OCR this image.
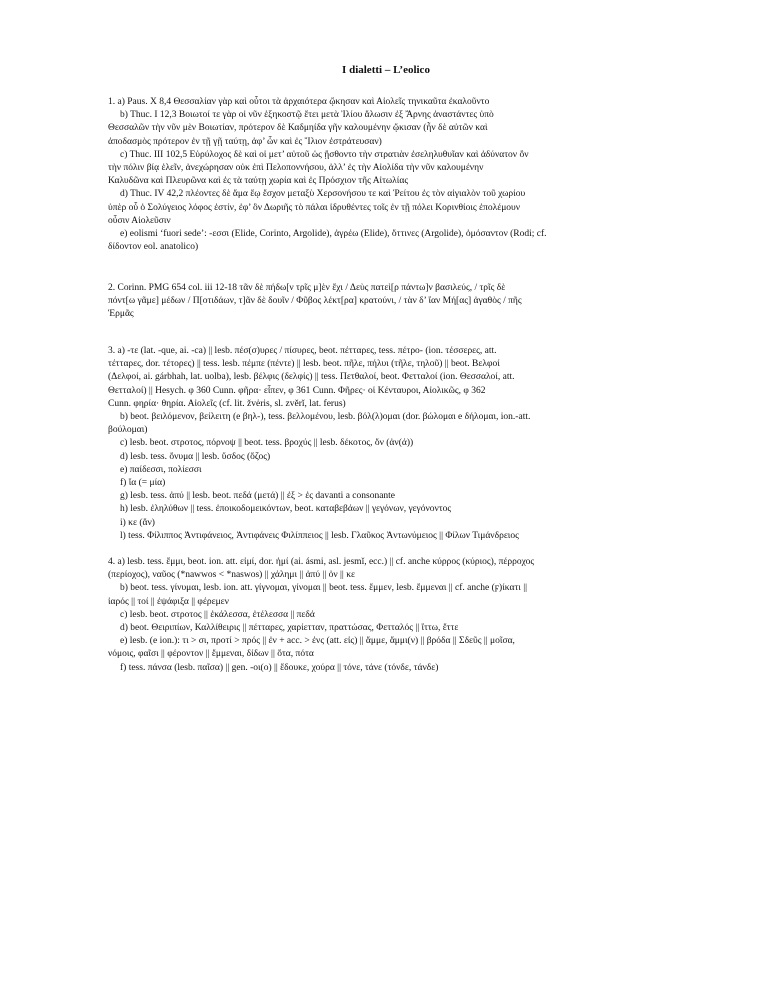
I dialetti – L’eolico
1. a) Paus. X 8,4 Θεσσαλίαν γὰρ καὶ οὗτοι τὰ ἀρχαιότερα ᾤκησαν καὶ Αἰολεῖς τηνικαῦτα ἐκαλοῦντο
b) Thuc. I 12,3 Βοιωτοί τε γὰρ οἱ νῦν ἑξηκοστῷ ἔτει μετὰ Ἰλίου ἅλωσιν ἐξ Ἄρνης ἀναστάντες ὑπὸ
Θεσσαλῶν τὴν νῦν μὲν Βοιωτίαν, πρότερον δὲ Καδμηίδα γῆν καλουμένην ᾤκισαν (ἦν δὲ αὐτῶν καὶ
ἀποδασμὸς πρότερον ἐν τῇ γῇ ταύτῃ, ἀφ’ ὧν καὶ ἐς Ἴλιον ἐστράτευσαν)
c) Thuc. III 102,5 Εὐρύλοχος δὲ καὶ οἱ μετ’ αὐτοῦ ὡς ᾔσθοντο τὴν στρατιὰν ἐσεληλυθυῖαν καὶ ἀδύνατον ὂν
τὴν πόλιν βίᾳ ἑλεῖν, ἀνεχώρησαν οὐκ ἐπὶ Πελοποννήσου, ἀλλ’ ἐς τὴν Αἰολίδα τὴν νῦν καλουμένην
Καλυδῶνα καὶ Πλευρῶνα καὶ ἐς τὰ ταύτῃ χωρία καὶ ἐς Πρόσχιον τῆς Αἰτωλίας
d) Thuc. IV 42,2 πλέοντες δὲ ἅμα ἕῳ ἔσχον μεταξὺ Χερσονήσου τε καὶ Ῥείτου ἐς τὸν αἰγιαλὸν τοῦ χωρίου
ὑπὲρ οὗ ὁ Σολύγειος λόφος ἐστίν, ἐφ’ ὃν Δωριῆς τὸ πάλαι ἱδρυθέντες τοῖς ἐν τῇ πόλει Κορινθίοις ἐπολέμουν
οὖσιν Αἰολεῦσιν
e) eolismi ‘fuori sede’: -εσσι (Elide, Corinto, Argolide), ἀγρέω (Elide), ὅττινες (Argolide), ὀμόσαντον (Rodi; cf.
δίδοντον eol. anatolico)
2. Corinn. PMG 654 col. iii 12-18 τᾶν δὲ πήδω[ν τρῖς μ]ὲν ἔχι / Δεὺς πατεὶ[ρ πάντω]ν βασιλεύς, / τρῖς δὲ
πόντ[ω γᾶμε] μέδων / Π[οτιδάων, τ]ᾶν δὲ δουῖν / Φῦβος λέκτ[ρα] κρατούνι, / τὰν δ’ ἴαν Μή[ας] ἀγαθὸς / πῆς
Ἑρμᾶς
3. a) -τε (lat. -que, ai. -ca) || lesb. πέσ(σ)υρες / πίσυρες, beot. πέτταρες, tess. πέτρο- (ion. τέσσερες, att.
τέτταρες, dor. τέτορες) || tess. lesb. πέμπε (πέντε) || lesb. beot. πῆλε, πήλυι (τῆλε, τηλοῦ) || beot. Βελφοί
(Δελφοί, ai. gárbhah, lat. uolba), lesb. βέλφις (δελφίς) || tess. Πετθαλοί, beot. Φετταλοί (ion. Θεσσαλοί, att.
Θετταλοί) || Hesych. φ 360 Cunn. φῆρα· εἶπεν, φ 361 Cunn. Φῆρες· οἱ Κένταυροι, Αἰολικῶς, φ 362
Cunn. φηρία· θηρία. Αἰολεῖς (cf. lit. žvėris, sl. zvěrĭ, lat. ferus)
b) beot. βειλόμενον, βείλειτη (e βηλ-), tess. βελλομένου, lesb. βόλ(λ)ομαι (dor. βώλομαι e δήλομαι, ion.-att.
βούλομαι)
c) lesb. beot. στροτος, πόρνοψ || beot. tess. βροχύς || lesb. δέκοτος, ὄν (ἀν(ά))
d) lesb. tess. ὄνυμα || lesb. ὕσδος (ὄζος)
e) παίδεσσι, πολίεσσι
f) ἴα (= μία)
g) lesb. tess. ἀπύ || lesb. beot. πεδά (μετά) || ἐξ > ἐς davanti a consonante
h) lesb. ἐληλύθων || tess. ἐποικοδομεικόντων, beot. καταβεβάων || γεγόνων, γεγόνοντος
i) κε (ἄν)
l) tess. Φίλιππος Ἀντιφάνειος, Ἀντιφάνεις Φιλίππειος || lesb. Γλαῦκος Ἀντωνύμειος || Φίλων Τιμάνδρειος
4. a) lesb. tess. ἔμμι, beot. ion. att. εἰμί, dor. ἠμί (ai. ásmi, asl. jesmĭ, ecc.) || cf. anche κύρρος (κύριος), πέρροχος
(περίοχος), ναῦος (*nawwos < *naswos) || χάλημι || ἀπύ || ὀν || κε
b) beot. tess. γίνυμαι, lesb. ion. att. γίγνομαι, γίνομαι || beot. tess. ἔμμεν, lesb. ἔμμεναι || cf. anche (ϝ)ίκατι ||
ἰαρός || τοί || ἐψάφιξα || φέρεμεν
c) lesb. beot. στροτος || ἐκάλεσσα, ἐτέλεσσα || πεδά
d) beot. Θειριπίων, Καλλίθειρις || πέτταρες, χαρίετταν, πραττώσας, Φετταλός || ἴττω, ἔττε
e) lesb. (e ion.): τι > σι, προτί > πρός || ἐν + acc. > ἐνς (att. εἰς) || ἄμμε, ἄμμι(ν) || βρόδα || Σδεῦς || μοῖσα,
νόμοις, φαῖσι || φέροντον || ἔμμεναι, δίδων || ὄτα, πότα
f) tess. πάνσα (lesb. παῖσα) || gen. -οι(ο) || ἔδουκε, χούρα || τόνε, τάνε (τόνδε, τάνδε)
